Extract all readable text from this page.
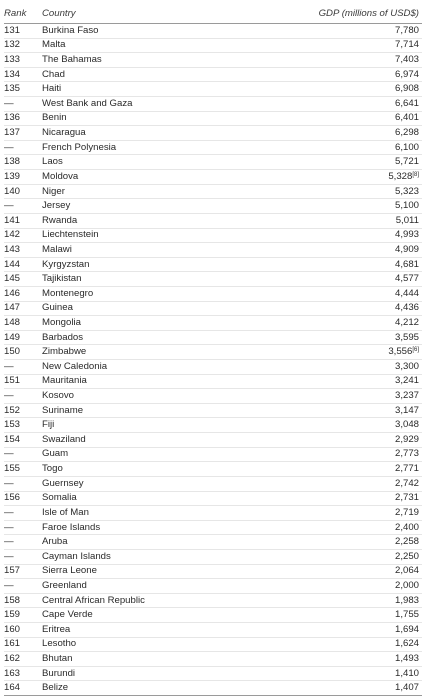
Rank	Country	GDP (millions of USD$)
131	Burkina Faso	7,780
132	Malta	7,714
133	The Bahamas	7,403
134	Chad	6,974
135	Haiti	6,908
—	West Bank and Gaza	6,641
136	Benin	6,401
137	Nicaragua	6,298
—	French Polynesia	6,100
138	Laos	5,721
139	Moldova	5,328[8]
140	Niger	5,323
—	Jersey	5,100
141	Rwanda	5,011
142	Liechtenstein	4,993
143	Malawi	4,909
144	Kyrgyzstan	4,681
145	Tajikistan	4,577
146	Montenegro	4,444
147	Guinea	4,436
148	Mongolia	4,212
149	Barbados	3,595
150	Zimbabwe	3,556[6]
—	New Caledonia	3,300
151	Mauritania	3,241
—	Kosovo	3,237
152	Suriname	3,147
153	Fiji	3,048
154	Swaziland	2,929
—	Guam	2,773
155	Togo	2,771
—	Guernsey	2,742
156	Somalia	2,731
—	Isle of Man	2,719
—	Faroe Islands	2,400
—	Aruba	2,258
—	Cayman Islands	2,250
157	Sierra Leone	2,064
—	Greenland	2,000
158	Central African Republic	1,983
159	Cape Verde	1,755
160	Eritrea	1,694
161	Lesotho	1,624
162	Bhutan	1,493
163	Burundi	1,410
164	Belize	1,407
